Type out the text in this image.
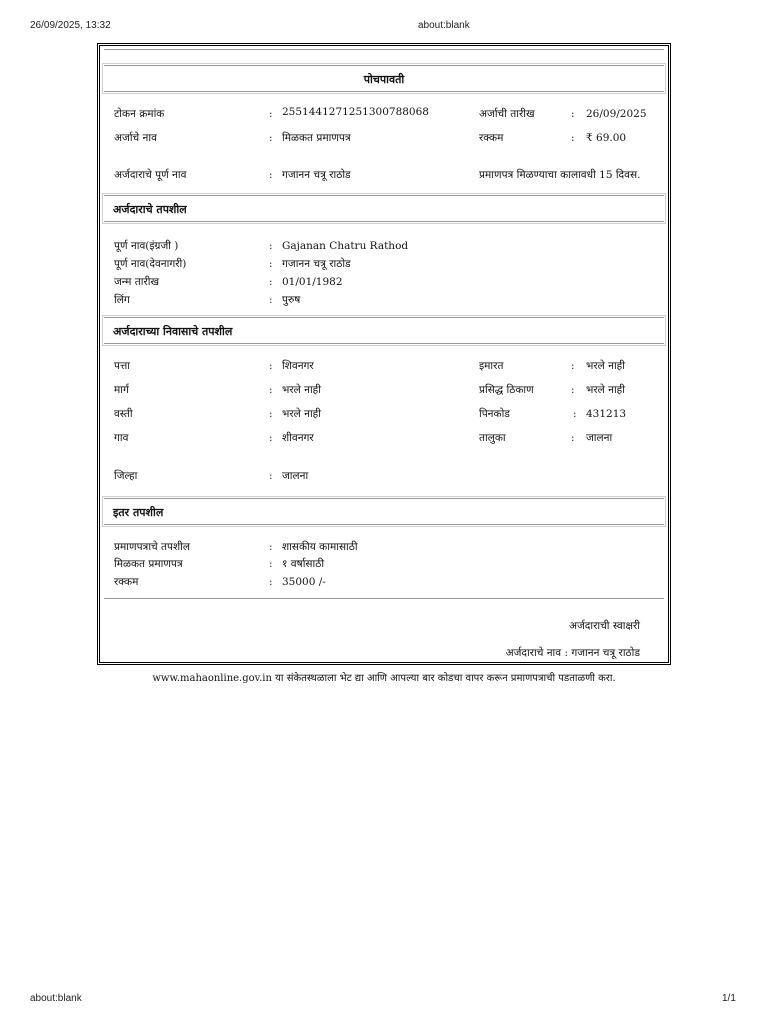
26/09/2025, 13:32	about:blank
पोचपावती
टोकन क्रमांक	: 25514412712513007880​68	अर्जाची तारीख	: 26/09/2025
अर्जाचे नाव	: मिळकत प्रमाणपत्र	रक्कम	: ₹ 69.00
अर्जदाराचे पूर्ण नाव	: गजानन चत्रू राठोड	प्रमाणपत्र मिळण्याचा कालावधी 15 दिवस.
अर्जदाराचे तपशील
पूर्ण नाव(इंग्रजी )	: Gajanan Chatru Rathod
पूर्ण नाव(देवनागरी)	: गजानन चत्रू राठोड
जन्म तारीख	: 01/01/1982
लिंग	: पुरुष
अर्जदाराच्या निवासाचे तपशील
पत्ता	: शिवनगर	इमारत	: भरले नाही
मार्ग	: भरले नाही	प्रसिद्ध ठिकाण	: भरले नाही
वस्ती	: भरले नाही	पिनकोड	: 431213
गाव	: शीवनगर	तालुका	: जालना
जिल्हा	: जालना
इतर तपशील
प्रमाणपत्राचे तपशील	: शासकीय कामासाठी
मिळकत प्रमाणपत्र	: १ वर्षासाठी
रक्कम	: 35000 /-
अर्जदाराची स्वाक्षरी
अर्जदाराचे नाव : गजानन चत्रू राठोड
www.mahaonline.gov.in या संकेतस्थळाला भेट द्या आणि आपल्या बार कोडचा वापर करून प्रमाणपत्राची पडताळणी करा.
about:blank	1/1
